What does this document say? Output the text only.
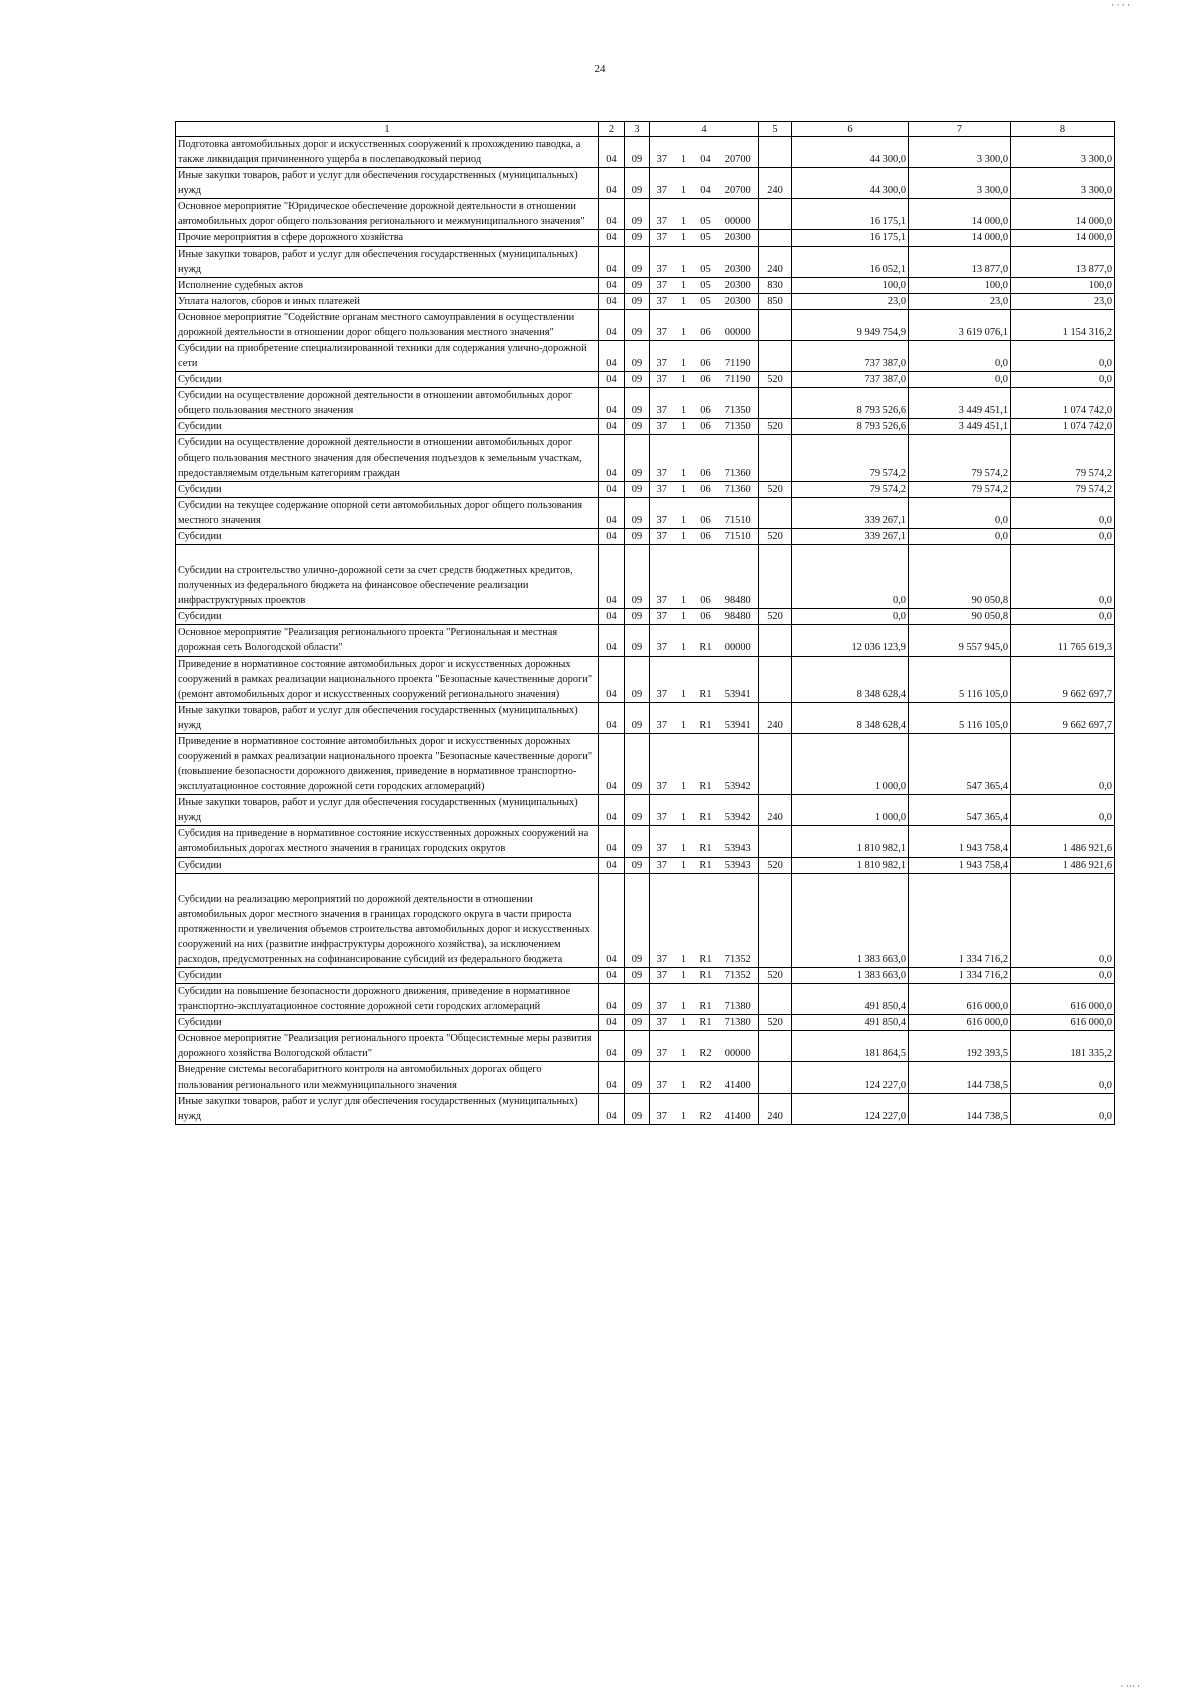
· · · ·
24
1	2	3	4				5	6	7	8
Подготовка автомобильных дорог и искусственных сооружений к прохождению паводка, а также ликвидация причиненного ущерба в послепаводковый период	04	09	37	1	04	20700		44 300,0	3 300,0	3 300,0
Иные закупки товаров, работ и услуг для обеспечения государственных (муниципальных) нужд	04	09	37	1	04	20700	240	44 300,0	3 300,0	3 300,0
Основное мероприятие "Юридическое обеспечение дорожной деятельности в отношении автомобильных дорог общего пользования регионального и межмуниципального значения"	04	09	37	1	05	00000		16 175,1	14 000,0	14 000,0
Прочие мероприятия в сфере дорожного хозяйства	04	09	37	1	05	20300		16 175,1	14 000,0	14 000,0
Иные закупки товаров, работ и услуг для обеспечения государственных (муниципальных) нужд	04	09	37	1	05	20300	240	16 052,1	13 877,0	13 877,0
Исполнение судебных актов	04	09	37	1	05	20300	830	100,0	100,0	100,0
Уплата налогов, сборов и иных платежей	04	09	37	1	05	20300	850	23,0	23,0	23,0
Основное мероприятие "Содействие органам местного самоуправления в осуществлении дорожной деятельности в отношении дорог общего пользования местного значения"	04	09	37	1	06	00000		9 949 754,9	3 619 076,1	1 154 316,2
Субсидии на приобретение специализированной техники для содержания улично-дорожной сети	04	09	37	1	06	71190		737 387,0	0,0	0,0
Субсидии	04	09	37	1	06	71190	520	737 387,0	0,0	0,0
Субсидии на осуществление дорожной деятельности в отношении автомобильных дорог общего пользования местного значения	04	09	37	1	06	71350		8 793 526,6	3 449 451,1	1 074 742,0
Субсидии	04	09	37	1	06	71350	520	8 793 526,6	3 449 451,1	1 074 742,0
Субсидии на осуществление дорожной деятельности в отношении автомобильных дорог общего пользования местного значения для обеспечения подъездов к земельным участкам, предоставляемым отдельным категориям граждан	04	09	37	1	06	71360		79 574,2	79 574,2	79 574,2
Субсидии	04	09	37	1	06	71360	520	79 574,2	79 574,2	79 574,2
Субсидии на текущее содержание опорной сети автомобильных дорог общего пользования местного значения	04	09	37	1	06	71510		339 267,1	0,0	0,0
Субсидии	04	09	37	1	06	71510	520	339 267,1	0,0	0,0
Субсидии на строительство улично-дорожной сети за счет средств бюджетных кредитов, полученных из федерального бюджета на финансовое обеспечение реализации инфраструктурных проектов	04	09	37	1	06	98480		0,0	90 050,8	0,0
Субсидии	04	09	37	1	06	98480	520	0,0	90 050,8	0,0
Основное мероприятие "Реализация регионального проекта "Региональная и местная дорожная сеть Вологодской области"	04	09	37	1	R1	00000		12 036 123,9	9 557 945,0	11 765 619,3
Приведение в нормативное состояние автомобильных дорог и искусственных дорожных сооружений в рамках реализации национального проекта "Безопасные качественные дороги" (ремонт автомобильных дорог и искусственных сооружений регионального значения)	04	09	37	1	R1	53941		8 348 628,4	5 116 105,0	9 662 697,7
Иные закупки товаров, работ и услуг для обеспечения государственных (муниципальных) нужд	04	09	37	1	R1	53941	240	8 348 628,4	5 116 105,0	9 662 697,7
Приведение в нормативное состояние автомобильных дорог и искусственных дорожных сооружений в рамках реализации национального проекта "Безопасные качественные дороги" (повышение безопасности дорожного движения, приведение в нормативное транспортно-эксплуатационное состояние дорожной сети городских агломераций)	04	09	37	1	R1	53942		1 000,0	547 365,4	0,0
Иные закупки товаров, работ и услуг для обеспечения государственных (муниципальных) нужд	04	09	37	1	R1	53942	240	1 000,0	547 365,4	0,0
Субсидия на приведение в нормативное состояние искусственных дорожных сооружений на автомобильных дорогах местного значения в границах городских округов	04	09	37	1	R1	53943		1 810 982,1	1 943 758,4	1 486 921,6
Субсидии	04	09	37	1	R1	53943	520	1 810 982,1	1 943 758,4	1 486 921,6
Субсидии на реализацию мероприятий по дорожной деятельности в отношении автомобильных дорог местного значения в границах городского округа в части прироста протяженности и увеличения объемов строительства автомобильных дорог и искусственных сооружений на них (развитие инфраструктуры дорожного хозяйства), за исключением расходов, предусмотренных на софинансирование субсидий из федерального бюджета	04	09	37	1	R1	71352		1 383 663,0	1 334 716,2	0,0
Субсидии	04	09	37	1	R1	71352	520	1 383 663,0	1 334 716,2	0,0
Субсидии на повышение безопасности дорожного движения, приведение в нормативное транспортно-эксплуатационное состояние дорожной сети городских агломераций	04	09	37	1	R1	71380		491 850,4	616 000,0	616 000,0
Субсидии	04	09	37	1	R1	71380	520	491 850,4	616 000,0	616 000,0
Основное мероприятие "Реализация регионального проекта "Общесистемные меры развития дорожного хозяйства Вологодской области"	04	09	37	1	R2	00000		181 864,5	192 393,5	181 335,2
Внедрение системы весогабаритного контроля на автомобильных дорогах общего пользования регионального или межмуниципального значения	04	09	37	1	R2	41400		124 227,0	144 738,5	0,0
Иные закупки товаров, работ и услуг для обеспечения государственных (муниципальных) нужд	04	09	37	1	R2	41400	240	124 227,0	144 738,5	0,0
· ··· ·
